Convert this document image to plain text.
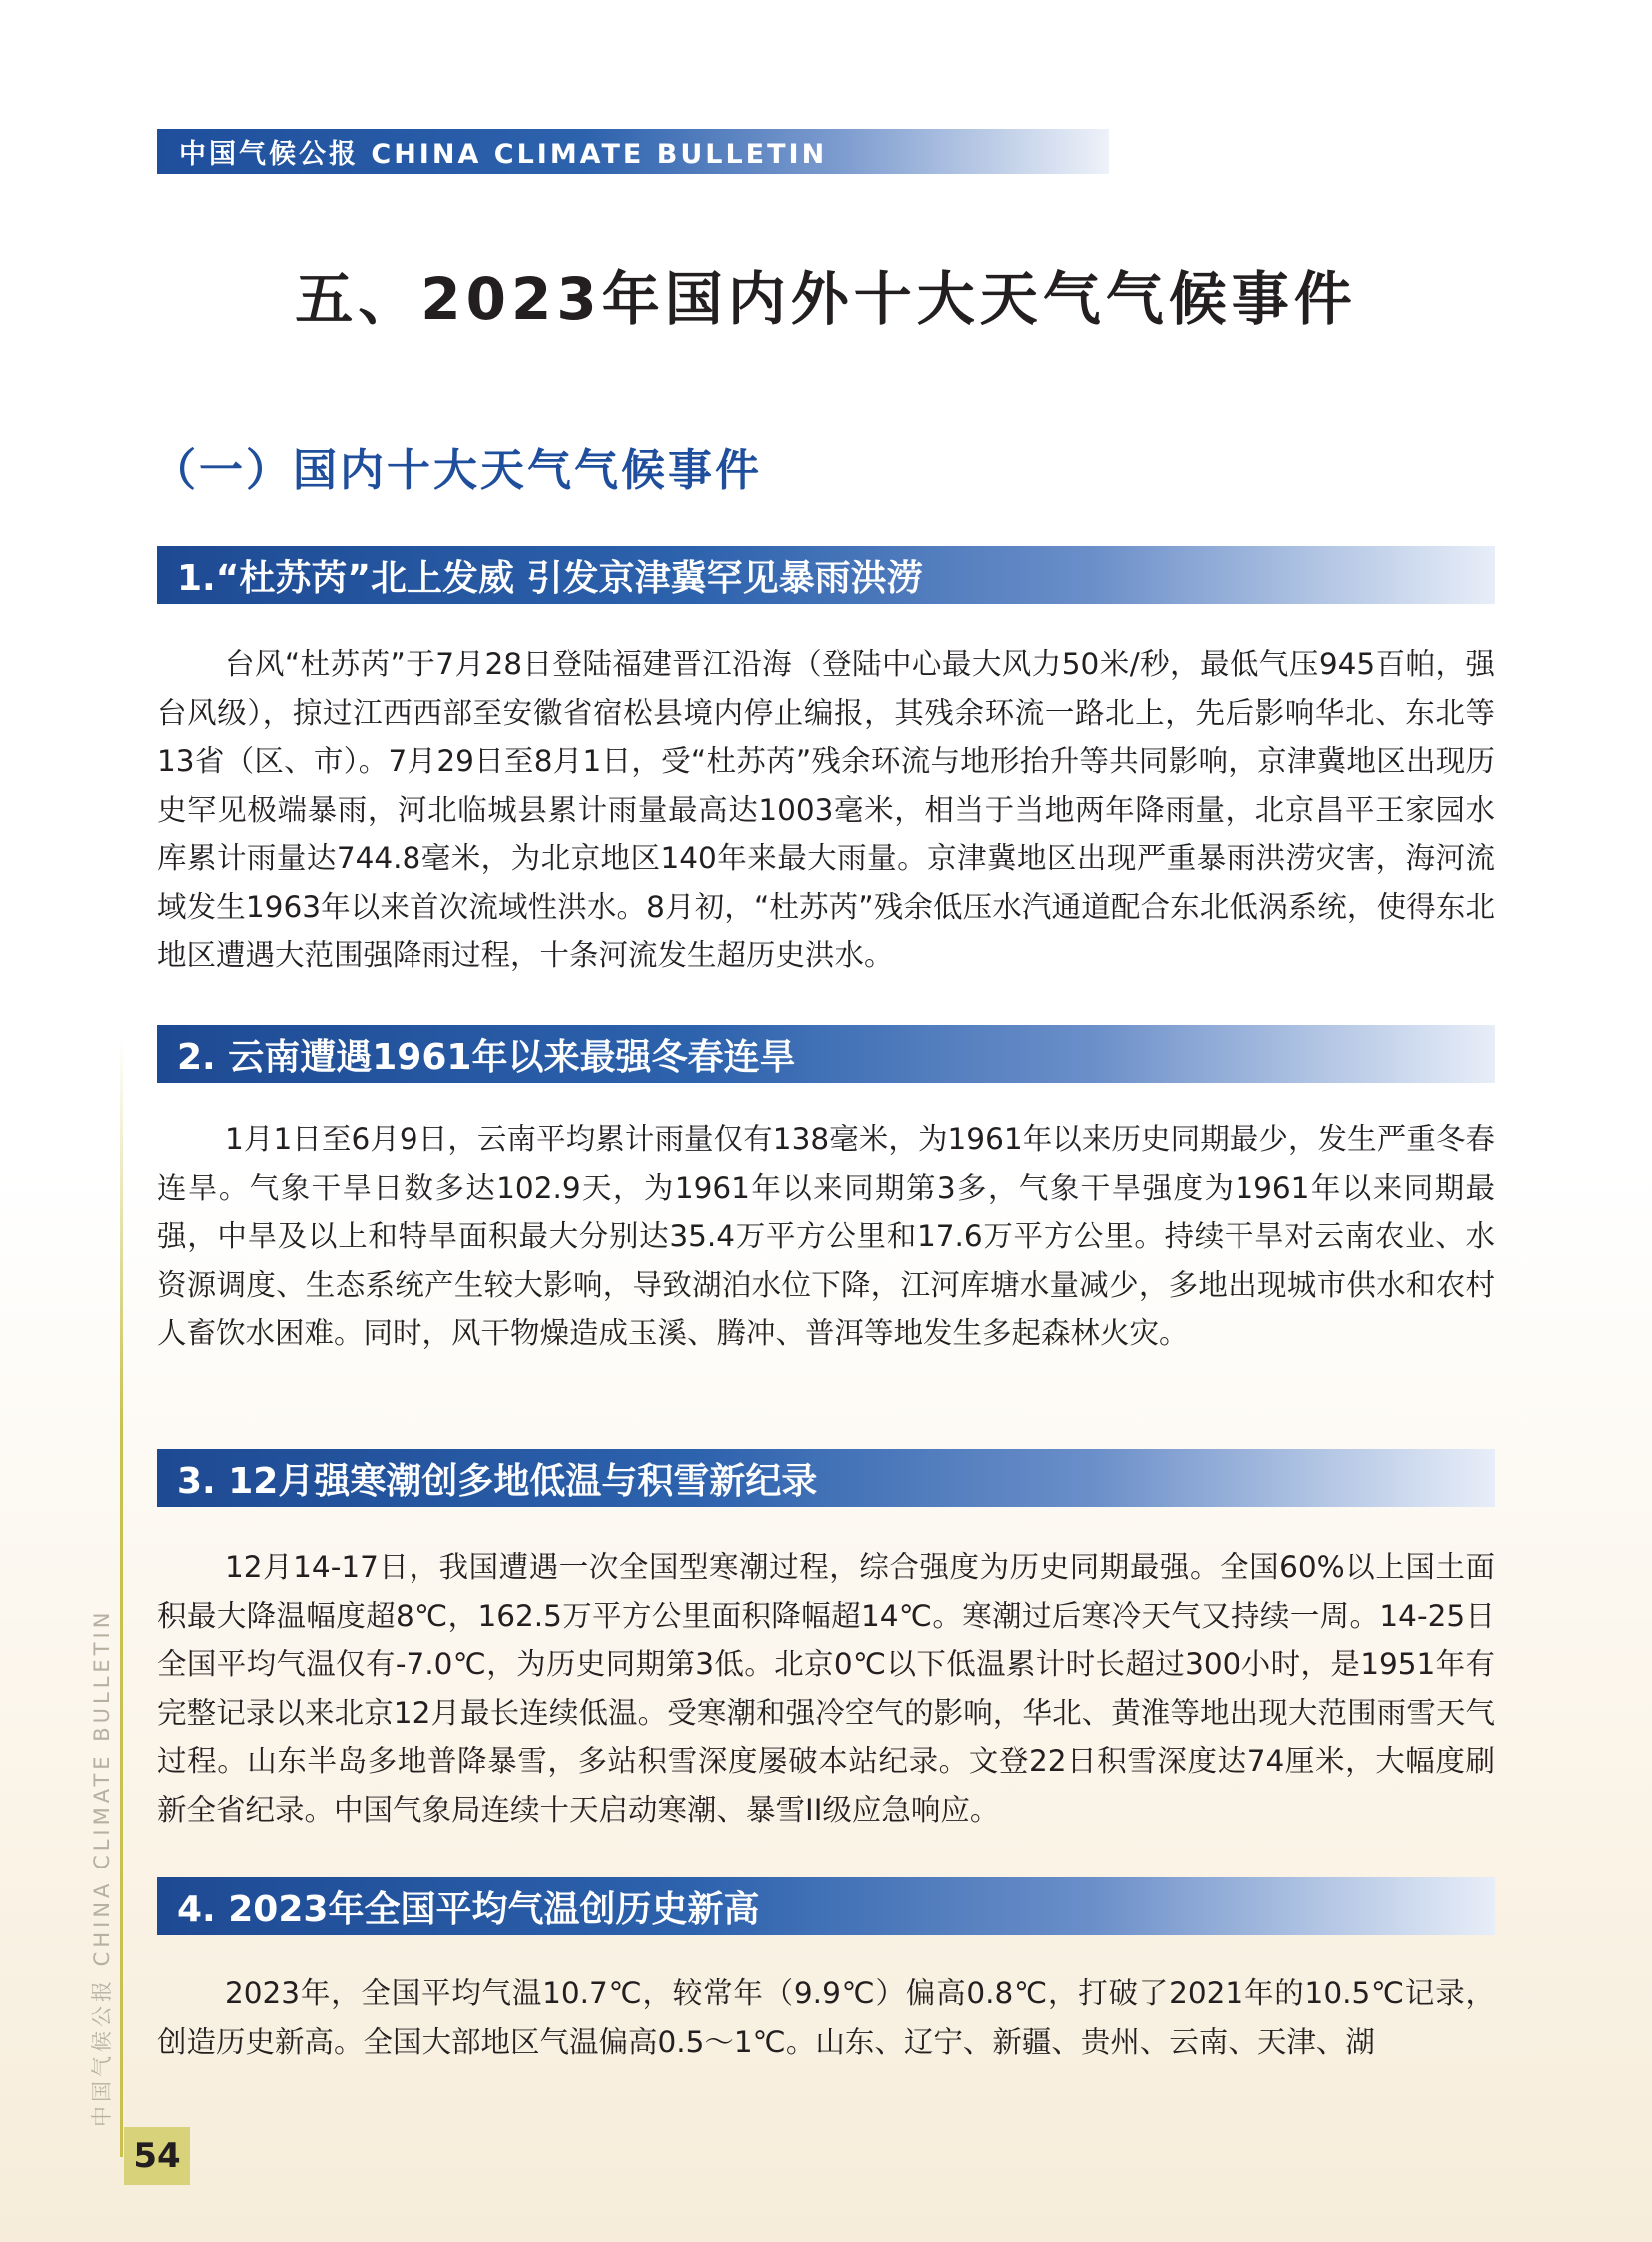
中国气候公报 CHINA CLIMATE BULLETIN
五、2023年国内外十大天气气候事件
（一）国内十大天气气候事件
1.“杜苏芮”北上发威 引发京津冀罕见暴雨洪涝

台风“杜苏芮”于7月28日登陆福建晋江沿海（登陆中心最大风力50米/秒，最低气压945百帕，强台风级），掠过江西西部至安徽省宿松县境内停止编报，其残余环流一路北上，先后影响华北、东北等13省（区、市）。7月29日至8月1日，受“杜苏芮”残余环流与地形抬升等共同影响，京津冀地区出现历史罕见极端暴雨，河北临城县累计雨量最高达1003毫米，相当于当地两年降雨量，北京昌平王家园水库累计雨量达744.8毫米，为北京地区140年来最大雨量。京津冀地区出现严重暴雨洪涝灾害，海河流域发生1963年以来首次流域性洪水。8月初，“杜苏芮”残余低压水汽通道配合东北低涡系统，使得东北地区遭遇大范围强降雨过程，十条河流发生超历史洪水。

2. 云南遭遇1961年以来最强冬春连旱

1月1日至6月9日，云南平均累计雨量仅有138毫米，为1961年以来历史同期最少，发生严重冬春连旱。气象干旱日数多达102.9天，为1961年以来同期第3多，气象干旱强度为1961年以来同期最强，中旱及以上和特旱面积最大分别达35.4万平方公里和17.6万平方公里。持续干旱对云南农业、水资源调度、生态系统产生较大影响，导致湖泊水位下降，江河库塘水量减少，多地出现城市供水和农村人畜饮水困难。同时，风干物燥造成玉溪、腾冲、普洱等地发生多起森林火灾。

3. 12月强寒潮创多地低温与积雪新纪录

12月14-17日，我国遭遇一次全国型寒潮过程，综合强度为历史同期最强。全国60%以上国土面积最大降温幅度超8℃，162.5万平方公里面积降幅超14℃。寒潮过后寒冷天气又持续一周。14-25日全国平均气温仅有-7.0℃，为历史同期第3低。北京0℃以下低温累计时长超过300小时，是1951年有完整记录以来北京12月最长连续低温。受寒潮和强冷空气的影响，华北、黄淮等地出现大范围雨雪天气过程。山东半岛多地普降暴雪，多站积雪深度屡破本站纪录。文登22日积雪深度达74厘米，大幅度刷新全省纪录。中国气象局连续十天启动寒潮、暴雪II级应急响应。

4. 2023年全国平均气温创历史新高

2023年，全国平均气温10.7℃，较常年（9.9℃）偏高0.8℃，打破了2021年的10.5℃记录，创造历史新高。全国大部地区气温偏高0.5～1℃。山东、辽宁、新疆、贵州、云南、天津、湖

中国气候公报 CHINA CLIMATE BULLETIN
54
